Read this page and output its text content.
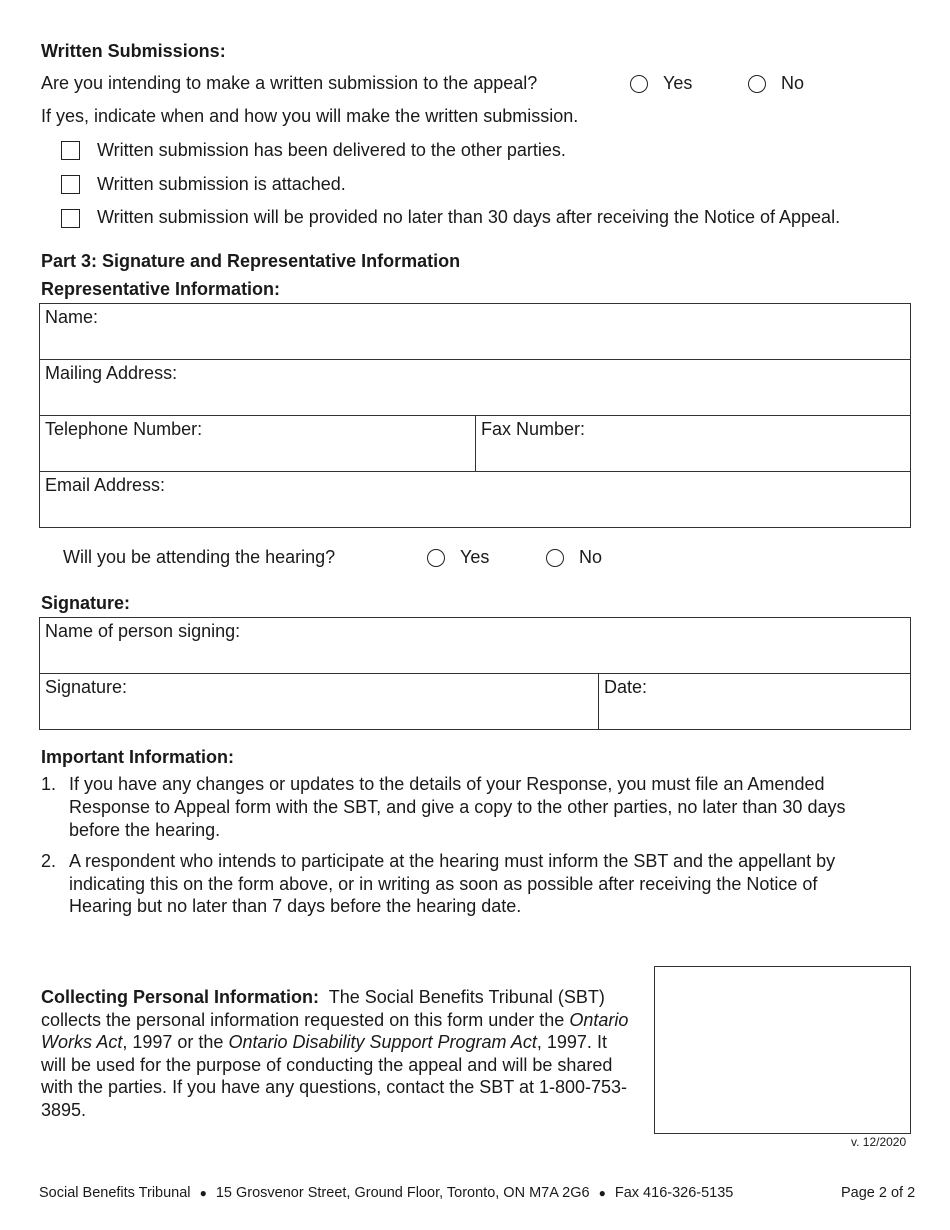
Written Submissions:
Are you intending to make a written submission to the appeal?	Yes	No
If yes, indicate when and how you will make the written submission.
Written submission has been delivered to the other parties.
Written submission is attached.
Written submission will be provided no later than 30 days after receiving the Notice of Appeal.
Part 3: Signature and Representative Information
Representative Information:
Name:
Mailing Address:
Telephone Number:	Fax Number:
Email Address:
Will you be attending the hearing?	Yes	No
Signature:
Name of person signing:
Signature:	Date:
Important Information:
1. If you have any changes or updates to the details of your Response, you must file an Amended
Response to Appeal form with the SBT, and give a copy to the other parties, no later than 30 days
before the hearing.
2. A respondent who intends to participate at the hearing must inform the SBT and the appellant by
indicating this on the form above, or in writing as soon as possible after receiving the Notice of
Hearing but no later than 7 days before the hearing date.
Collecting Personal Information: The Social Benefits Tribunal (SBT) collects the personal information requested on this form under the Ontario Works Act, 1997 or the Ontario Disability Support Program Act, 1997. It will be used for the purpose of conducting the appeal and will be shared with the parties. If you have any questions, contact the SBT at 1-800-753-3895.
v. 12/2020
Social Benefits Tribunal ● 15 Grosvenor Street, Ground Floor, Toronto, ON M7A 2G6 ● Fax 416-326-5135	Page 2 of 2
